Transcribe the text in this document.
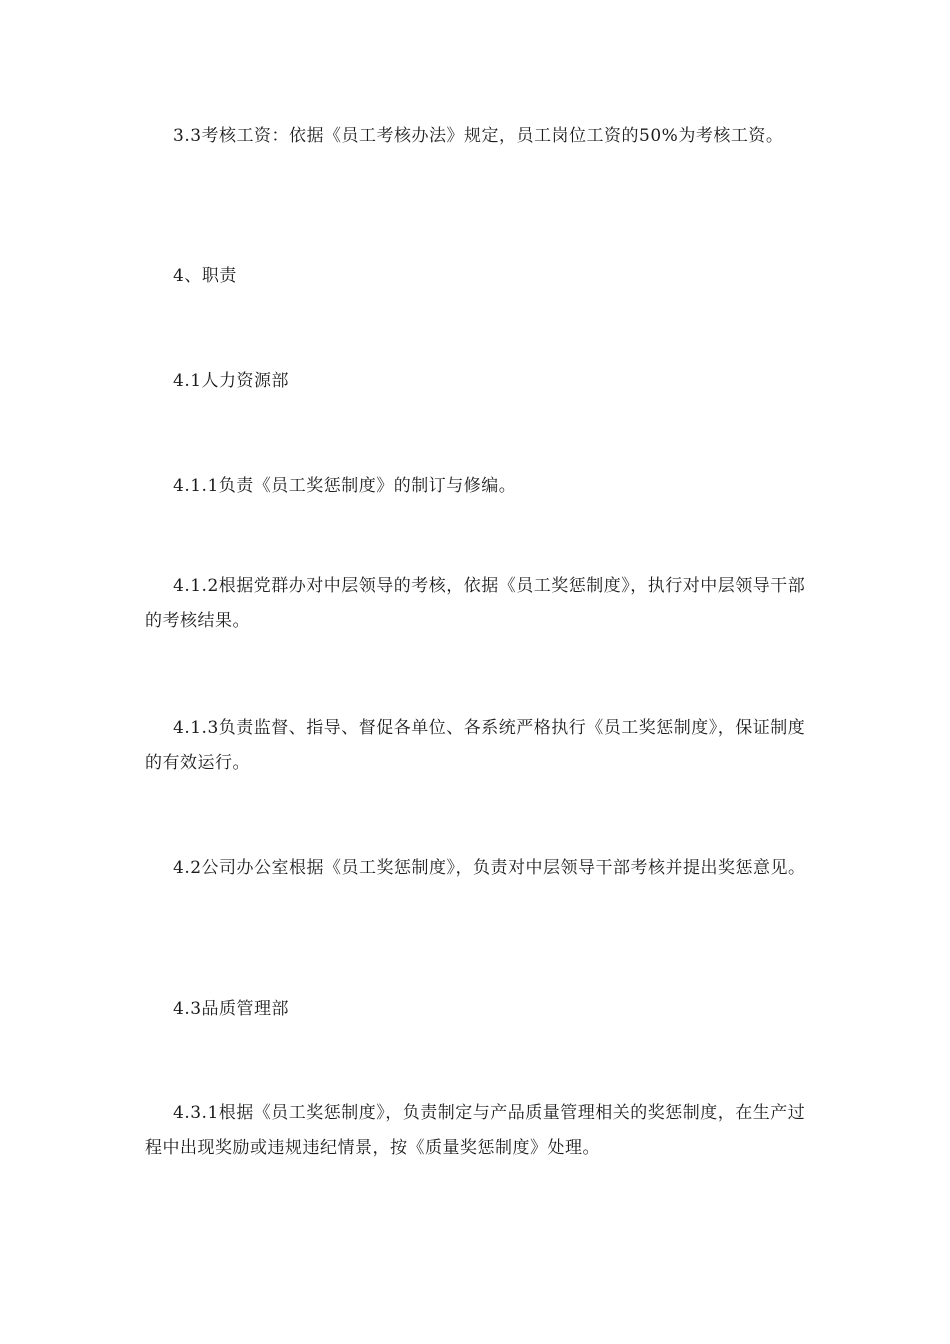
3.3考核工资：依据《员工考核办法》规定，员工岗位工资的50%为考核工资。

4、职责

4.1人力资源部

4.1.1负责《员工奖惩制度》的制订与修编。

4.1.2根据党群办对中层领导的考核，依据《员工奖惩制度》，执行对中层领导干部的考核结果。

4.1.3负责监督、指导、督促各单位、各系统严格执行《员工奖惩制度》，保证制度的有效运行。

4.2公司办公室根据《员工奖惩制度》，负责对中层领导干部考核并提出奖惩意见。

4.3品质管理部

4.3.1根据《员工奖惩制度》，负责制定与产品质量管理相关的奖惩制度，在生产过程中出现奖励或违规违纪情景，按《质量奖惩制度》处理。
